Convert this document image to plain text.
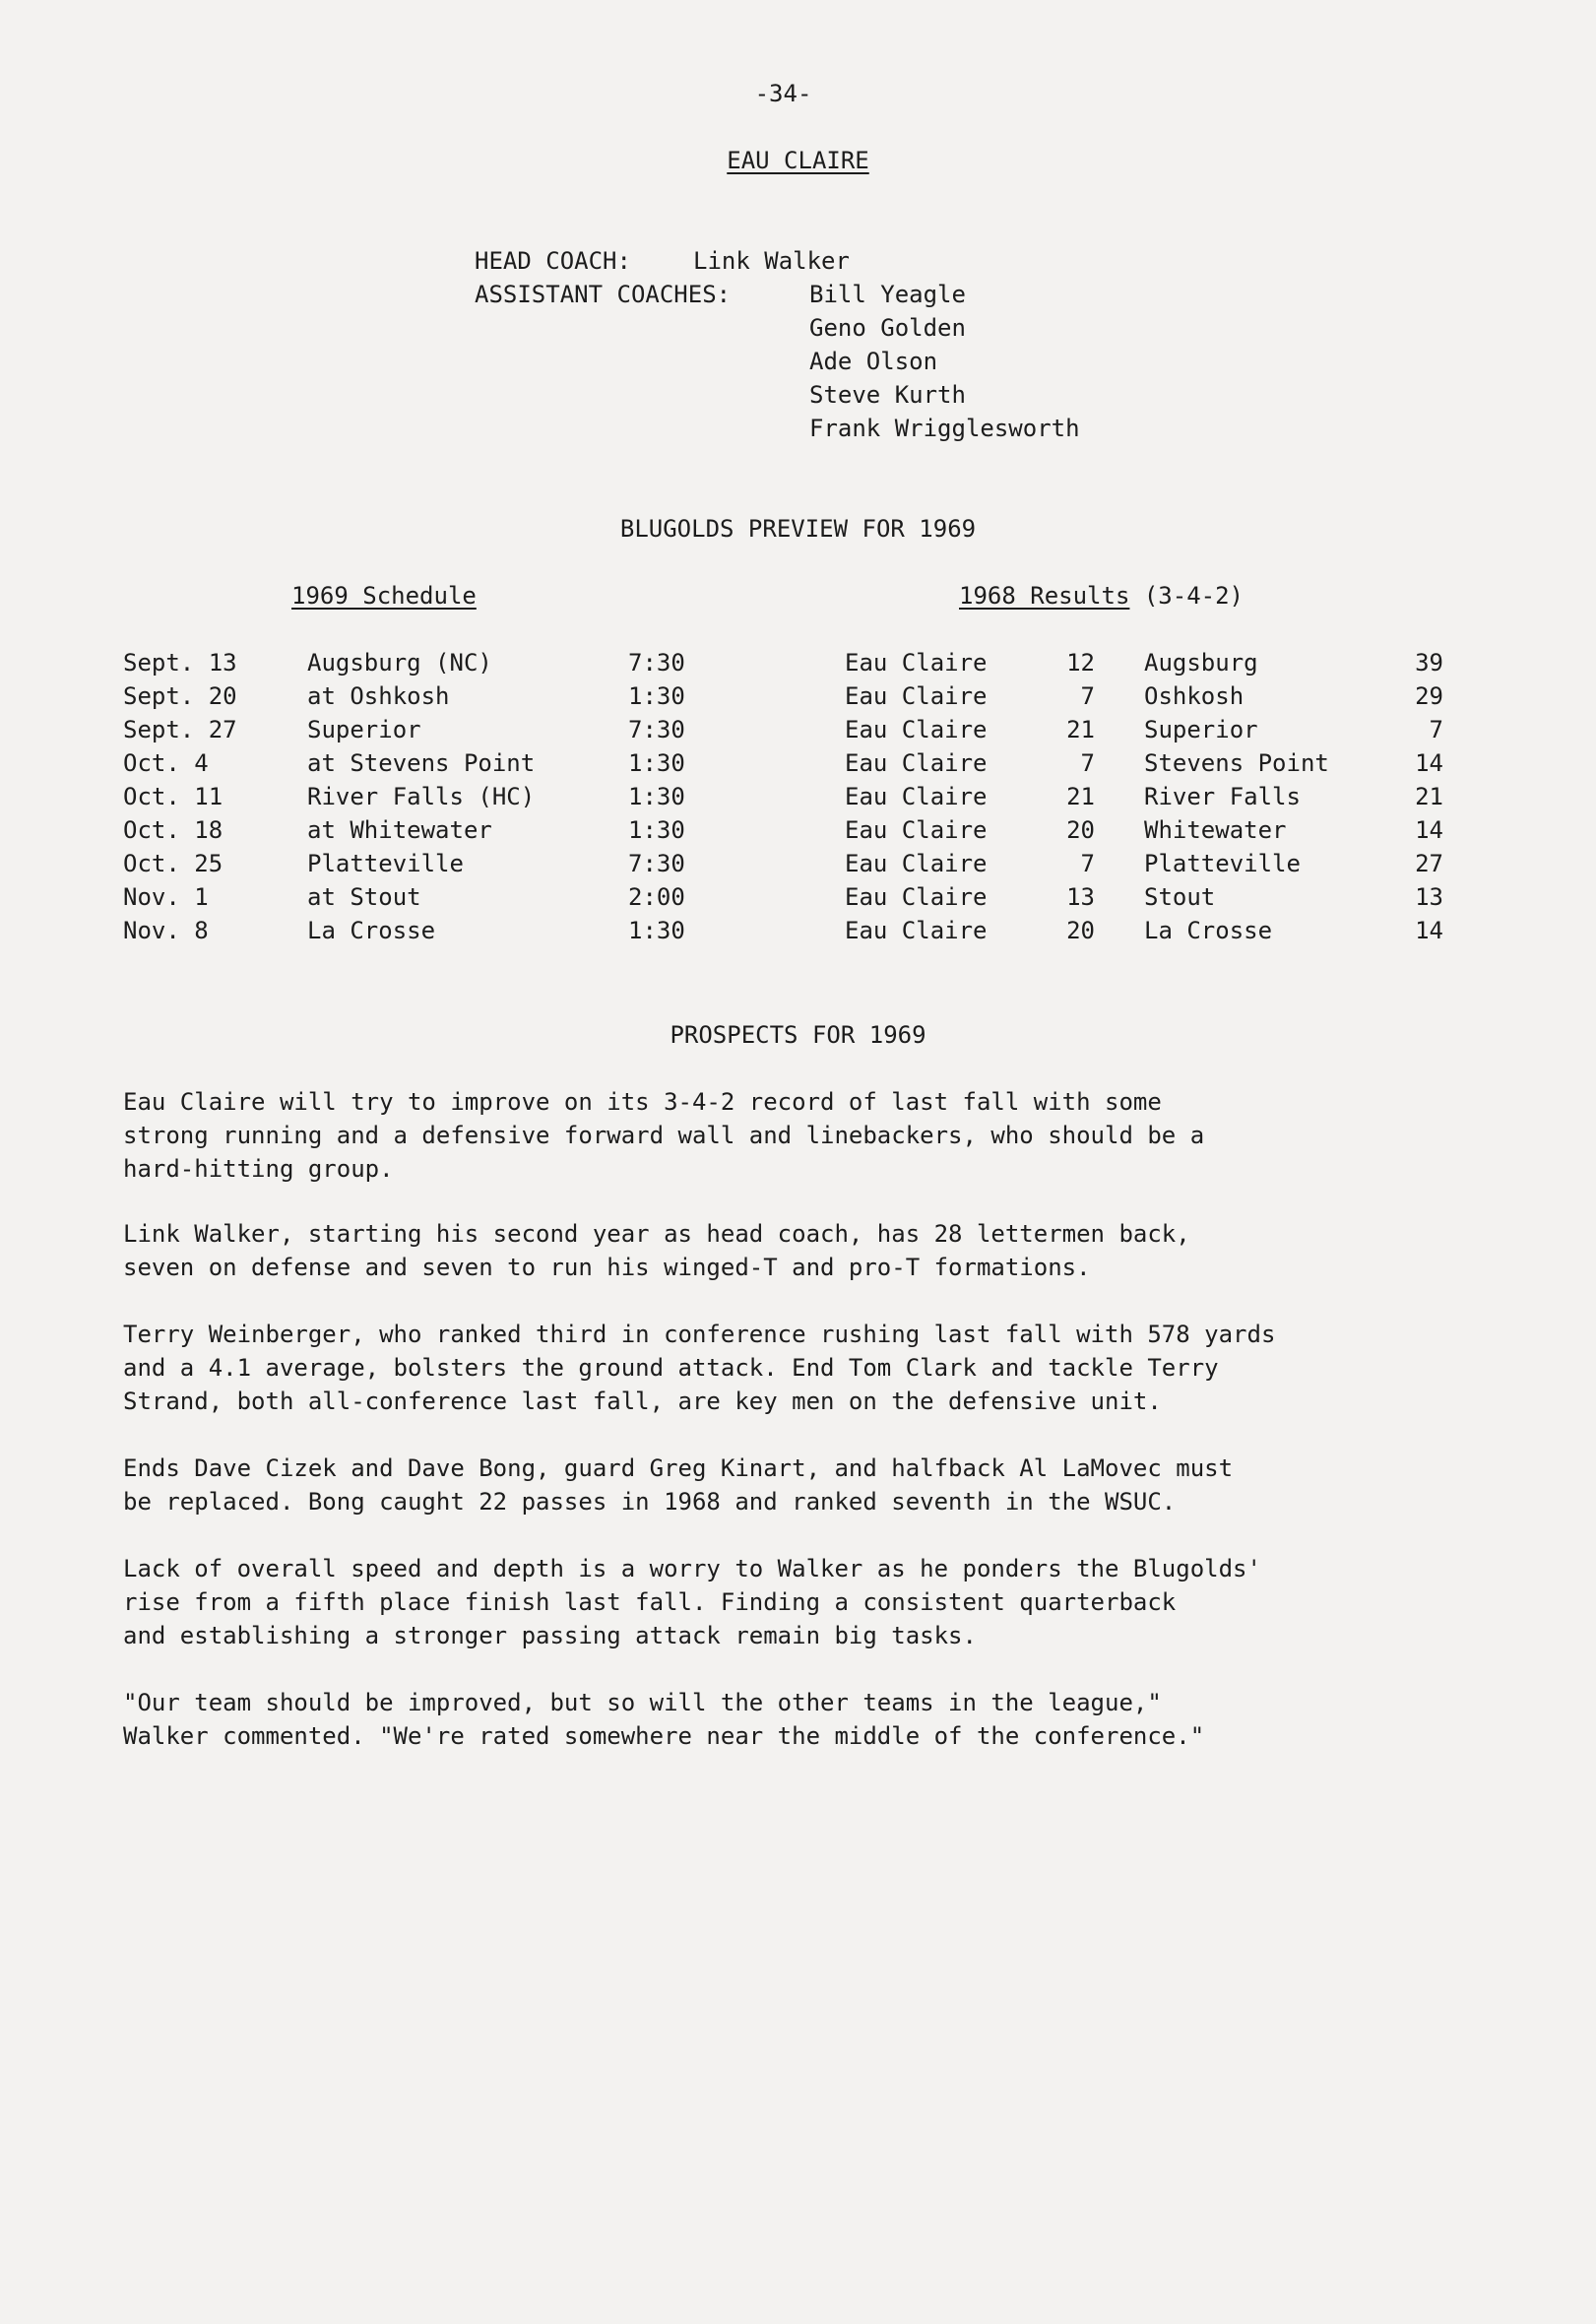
-34-
EAU CLAIRE
HEAD COACH:	Link Walker
ASSISTANT COACHES:	Bill Yeagle
Geno Golden
Ade Olson
Steve Kurth
Frank Wrigglesworth
BLUGOLDS PREVIEW FOR 1969
1969 Schedule	1968 Results (3-4-2)
Sept. 13	Augsburg (NC)	7:30	Eau Claire	12 Augsburg	39
Sept. 20	at Oshkosh	1:30	Eau Claire	7 Oshkosh	29
Sept. 27	Superior	7:30	Eau Claire	21 Superior	7
Oct. 4	at Stevens Point	1:30	Eau Claire	7 Stevens Point	14
Oct. 11	River Falls (HC)	1:30	Eau Claire	21 River Falls	21
Oct. 18	at Whitewater	1:30	Eau Claire	20 Whitewater	14
Oct. 25	Platteville	7:30	Eau Claire	7 Platteville	27
Nov. 1	at Stout	2:00	Eau Claire	13 Stout	13
Nov. 8	La Crosse	1:30	Eau Claire	20 La Crosse	14
PROSPECTS FOR 1969
Eau Claire will try to improve on its 3-4-2 record of last fall with some
strong running and a defensive forward wall and linebackers, who should be a
hard-hitting group.
Link Walker, starting his second year as head coach, has 28 lettermen back,
seven on defense and seven to run his winged-T and pro-T formations.
Terry Weinberger, who ranked third in conference rushing last fall with 578 yards
and a 4.1 average, bolsters the ground attack. End Tom Clark and tackle Terry
Strand, both all-conference last fall, are key men on the defensive unit.
Ends Dave Cizek and Dave Bong, guard Greg Kinart, and halfback Al LaMovec must
be replaced. Bong caught 22 passes in 1968 and ranked seventh in the WSUC.
Lack of overall speed and depth is a worry to Walker as he ponders the Blugolds'
rise from a fifth place finish last fall. Finding a consistent quarterback
and establishing a stronger passing attack remain big tasks.
"Our team should be improved, but so will the other teams in the league,"
Walker commented. "We're rated somewhere near the middle of the conference."
